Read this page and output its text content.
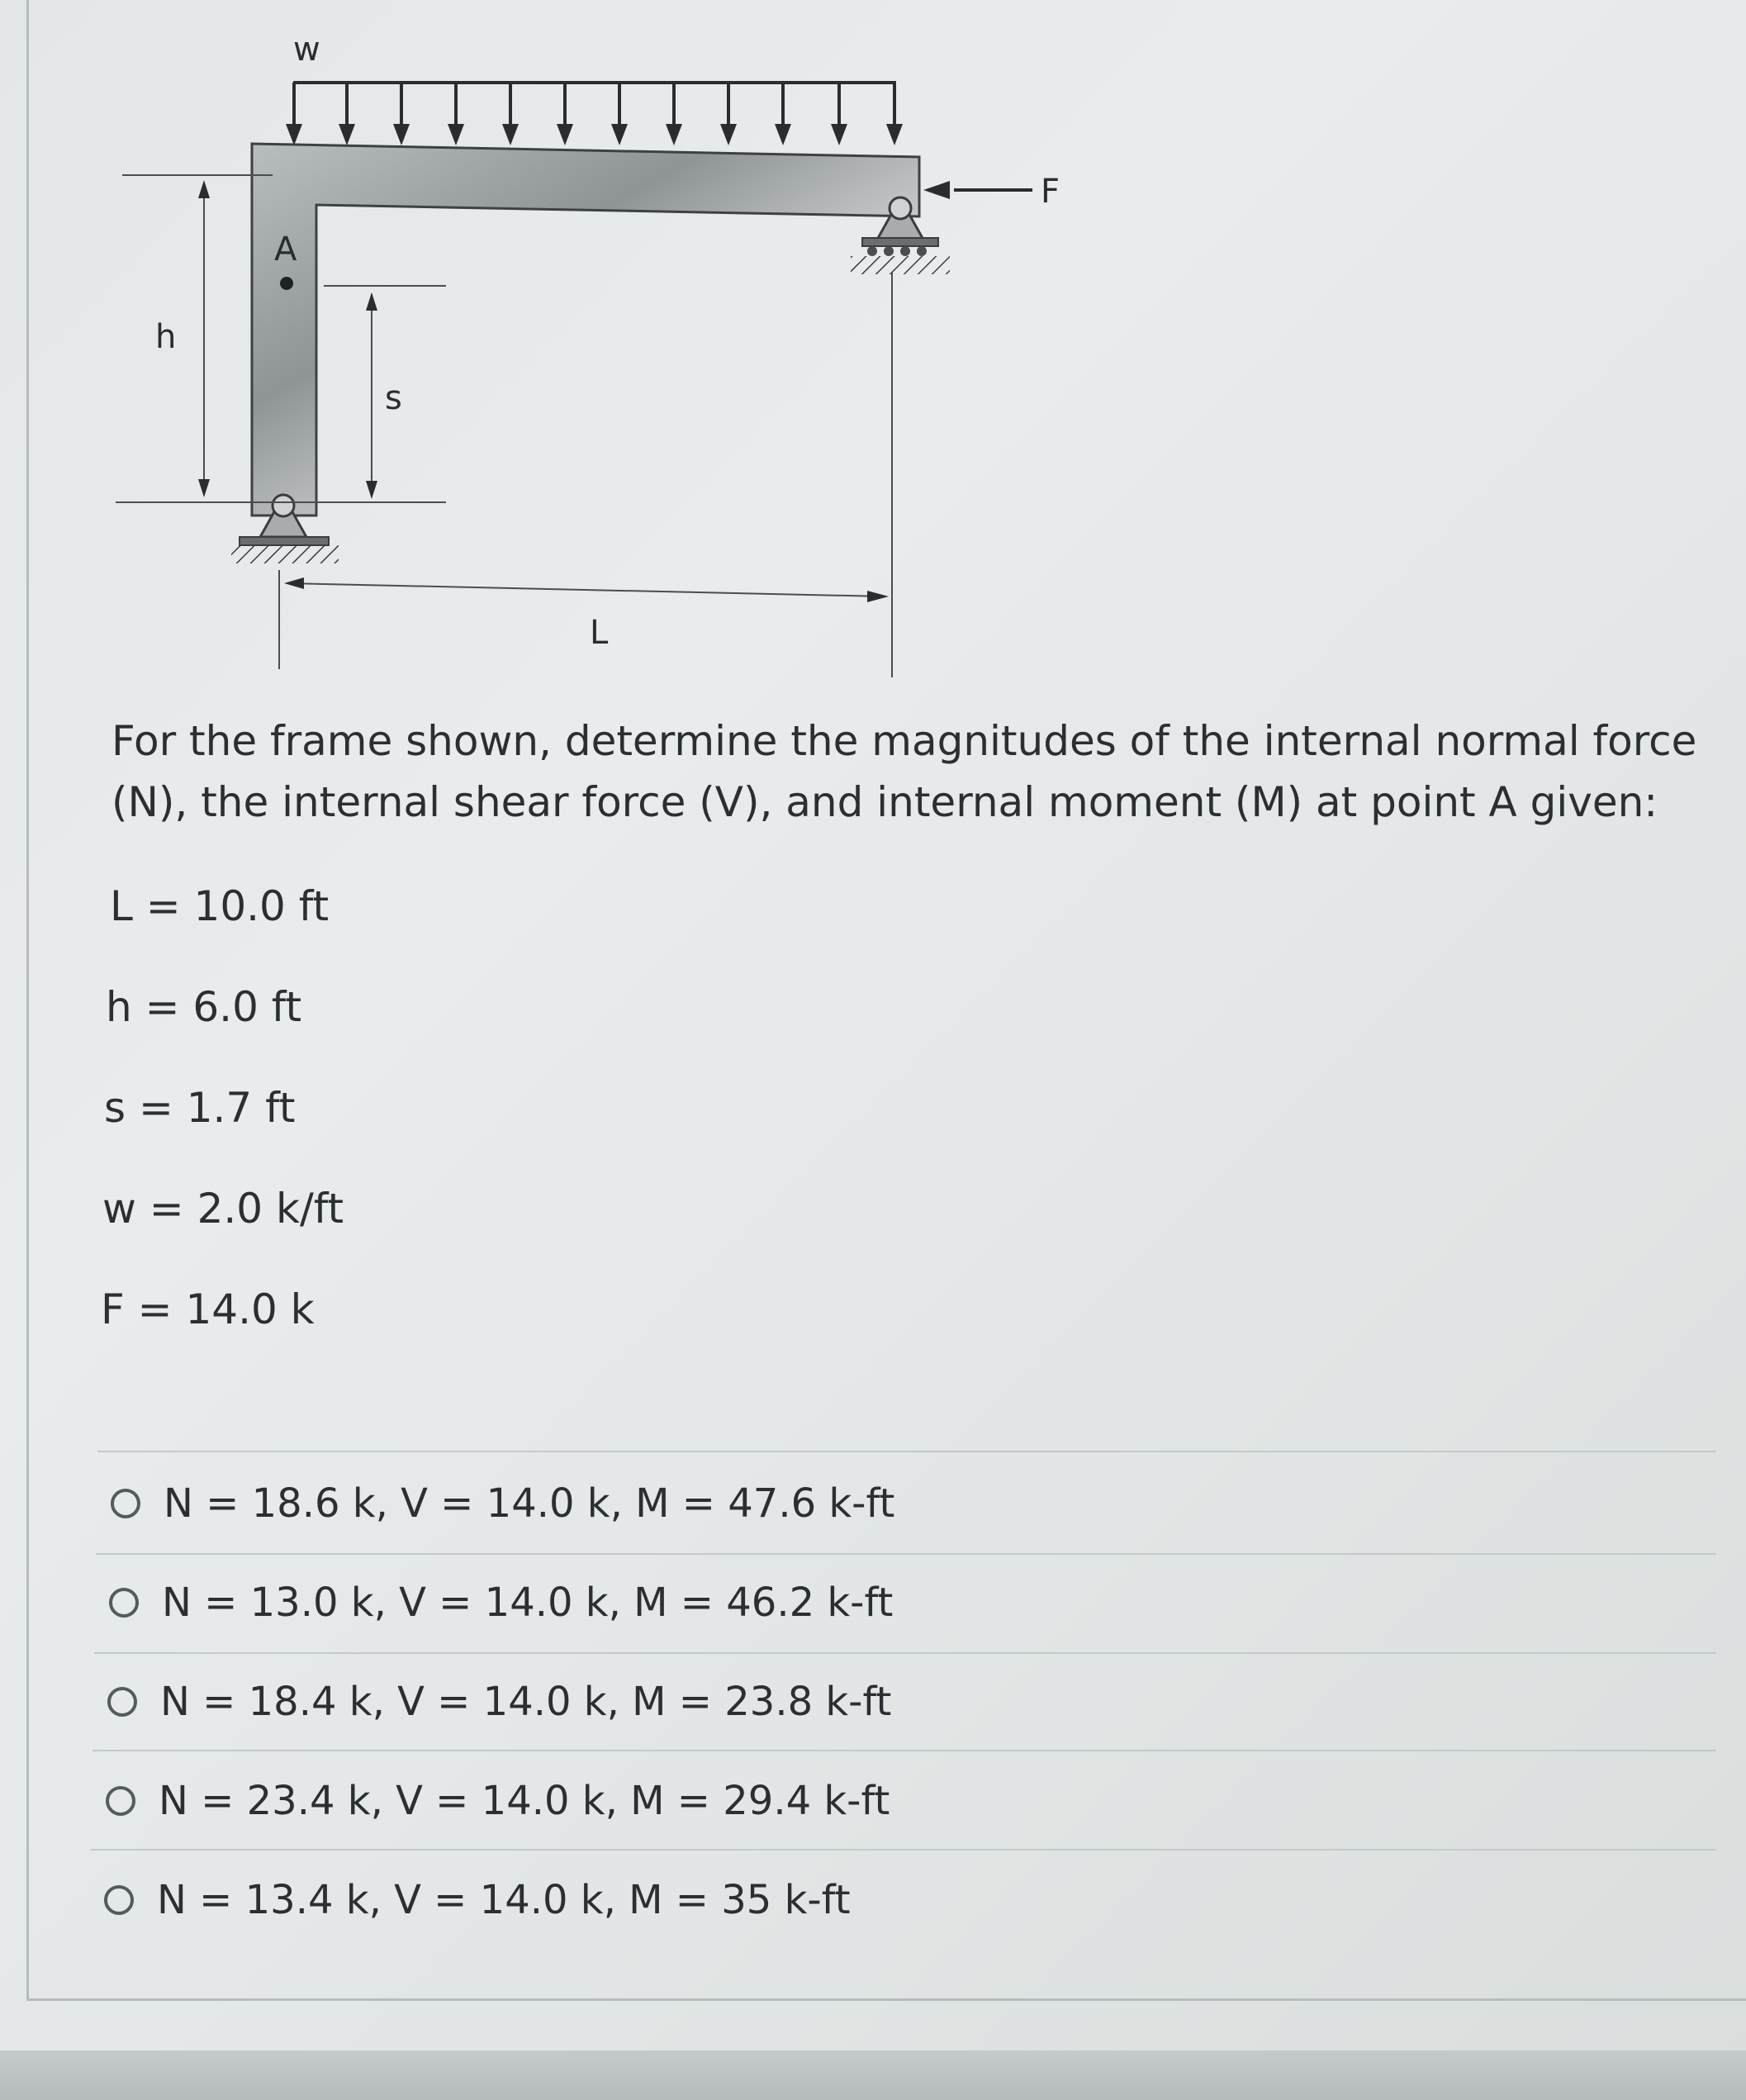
w
F
A
h
s
L

For the frame shown, determine the magnitudes of the internal normal force (N), the internal shear force (V), and internal moment (M) at point A given:

L = 10.0 ft
h = 6.0 ft
s = 1.7 ft
w = 2.0 k/ft
F = 14.0 k
N = 18.6 k, V = 14.0 k, M = 47.6 k-ft
N = 13.0 k, V = 14.0 k, M = 46.2 k-ft
N = 18.4 k, V = 14.0 k, M = 23.8 k-ft
N = 23.4 k, V = 14.0 k, M = 29.4 k-ft
N = 13.4 k, V = 14.0 k, M = 35 k-ft
